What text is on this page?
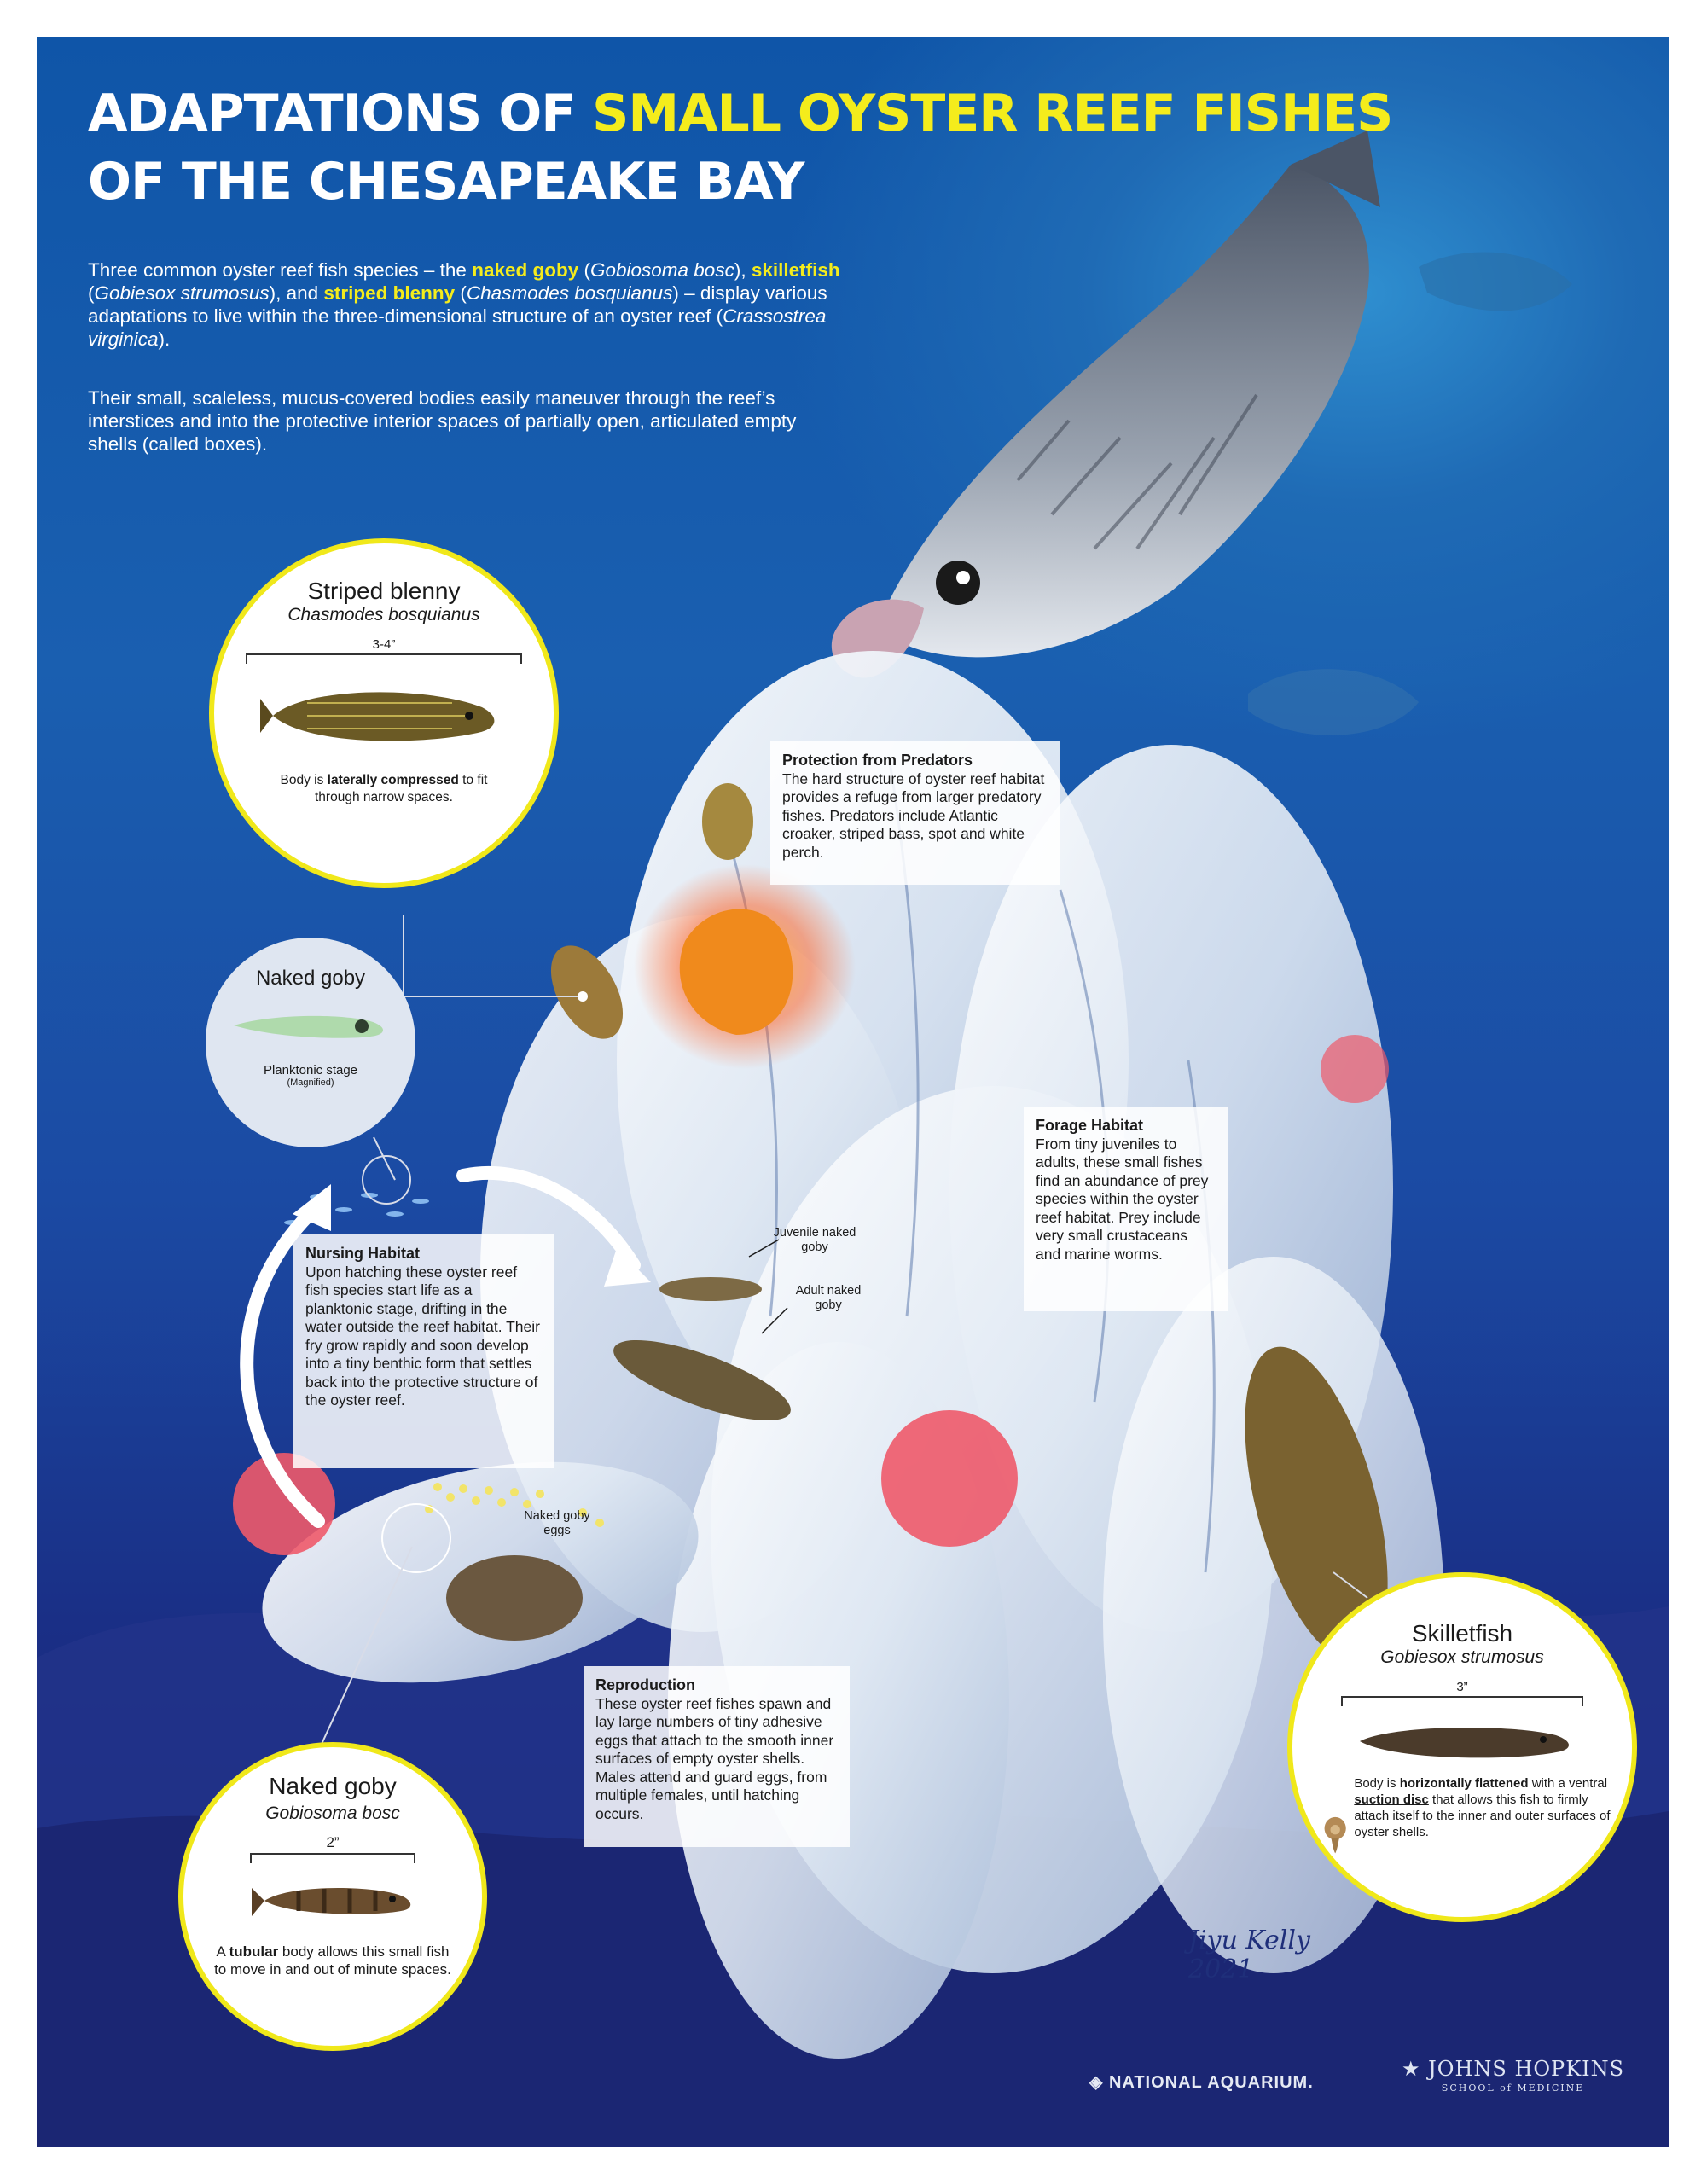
ADAPTATIONS OF SMALL OYSTER REEF FISHES
OF THE CHESAPEAKE BAY

Three common oyster reef fish species – the naked goby (Gobiosoma bosc), skilletfish (Gobiesox strumosus), and striped blenny (Chasmodes bosquianus) – display various adaptations to live within the three-dimensional structure of an oyster reef (Crassostrea virginica).

Their small, scaleless, mucus-covered bodies easily maneuver through the reef’s interstices and into the protective interior spaces of partially open, articulated empty shells (called boxes).

Striped blenny
Chasmodes bosquianus
3-4”
Body is laterally compressed to fit through narrow spaces.
Naked goby
Planktonic stage
(Magnified)
Naked goby
Gobiosoma bosc
2”
A tubular body allows this small fish to move in and out of minute spaces.
Skilletfish
Gobiesox strumosus
3”
Body is horizontally flattened with a ventral suction disc that allows this fish to firmly attach itself to the inner and outer surfaces of oyster shells.
Protection from Predators
The hard structure of oyster reef habitat provides a refuge from larger predatory fishes. Predators include Atlantic croaker, striped bass, spot and white perch.
Forage Habitat
From tiny juveniles to adults, these small fishes find an abundance of prey species within the oyster reef habitat. Prey include very small crustaceans and marine worms.
Nursing Habitat
Upon hatching these oyster reef fish species start life as a planktonic stage, drifting in the water outside the reef habitat. Their fry grow rapidly and soon develop into a tiny benthic form that settles back into the protective structure of the oyster reef.
Reproduction
These oyster reef fishes spawn and lay large numbers of tiny adhesive eggs that attach to the smooth inner surfaces of empty oyster shells. Males attend and guard eggs, from multiple females, until hatching occurs.
Juvenile naked goby
Adult naked goby
Naked goby eggs
Jiyu Kelly
2021
◈ NATIONAL AQUARIUM.
★ JOHNS HOPKINS
SCHOOL of MEDICINE
